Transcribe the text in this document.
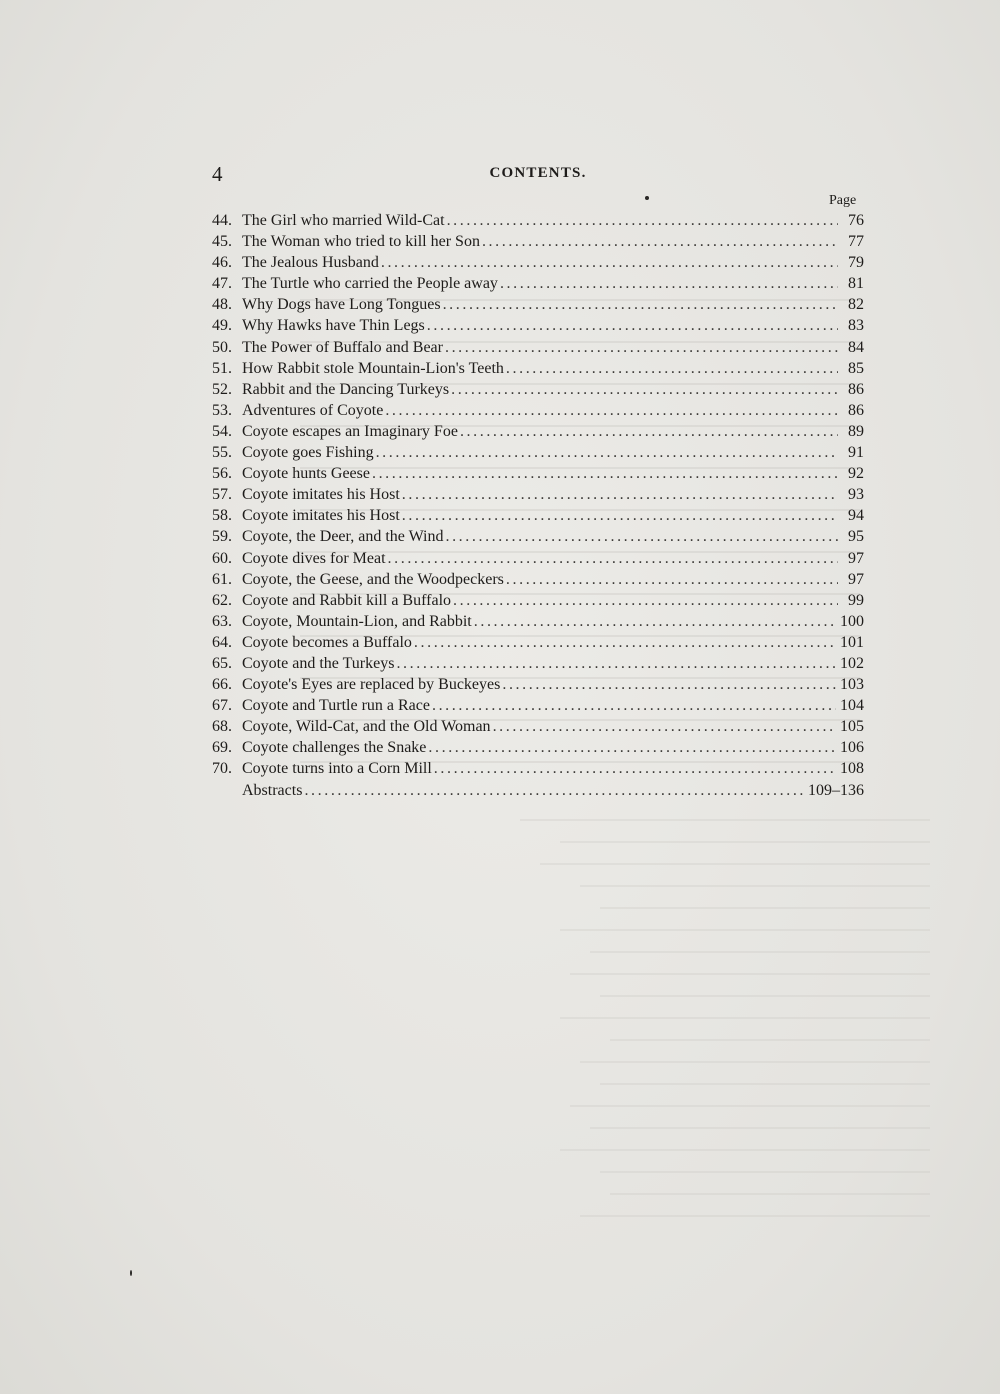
4	CONTENTS.
Page
44. The Girl who married Wild-Cat .....	76
45. The Woman who tried to kill her Son .....	77
46. The Jealous Husband .....	79
47. The Turtle who carried the People away .....	81
48. Why Dogs have Long Tongues .....	82
49. Why Hawks have Thin Legs .....	83
50. The Power of Buffalo and Bear .....	84
51. How Rabbit stole Mountain-Lion's Teeth .....	85
52. Rabbit and the Dancing Turkeys .....	86
53. Adventures of Coyote .....	86
54. Coyote escapes an Imaginary Foe .....	89
55. Coyote goes Fishing .....	91
56. Coyote hunts Geese .....	92
57. Coyote imitates his Host .....	93
58. Coyote imitates his Host .....	94
59. Coyote, the Deer, and the Wind .....	95
60. Coyote dives for Meat .....	97
61. Coyote, the Geese, and the Woodpeckers .....	97
62. Coyote and Rabbit kill a Buffalo .....	99
63. Coyote, Mountain-Lion, and Rabbit .....	100
64. Coyote becomes a Buffalo .....	101
65. Coyote and the Turkeys .....	102
66. Coyote's Eyes are replaced by Buckeyes .....	103
67. Coyote and Turtle run a Race .....	104
68. Coyote, Wild-Cat, and the Old Woman .....	105
69. Coyote challenges the Snake .....	106
70. Coyote turns into a Corn Mill .....	108
Abstracts .....	109–136
